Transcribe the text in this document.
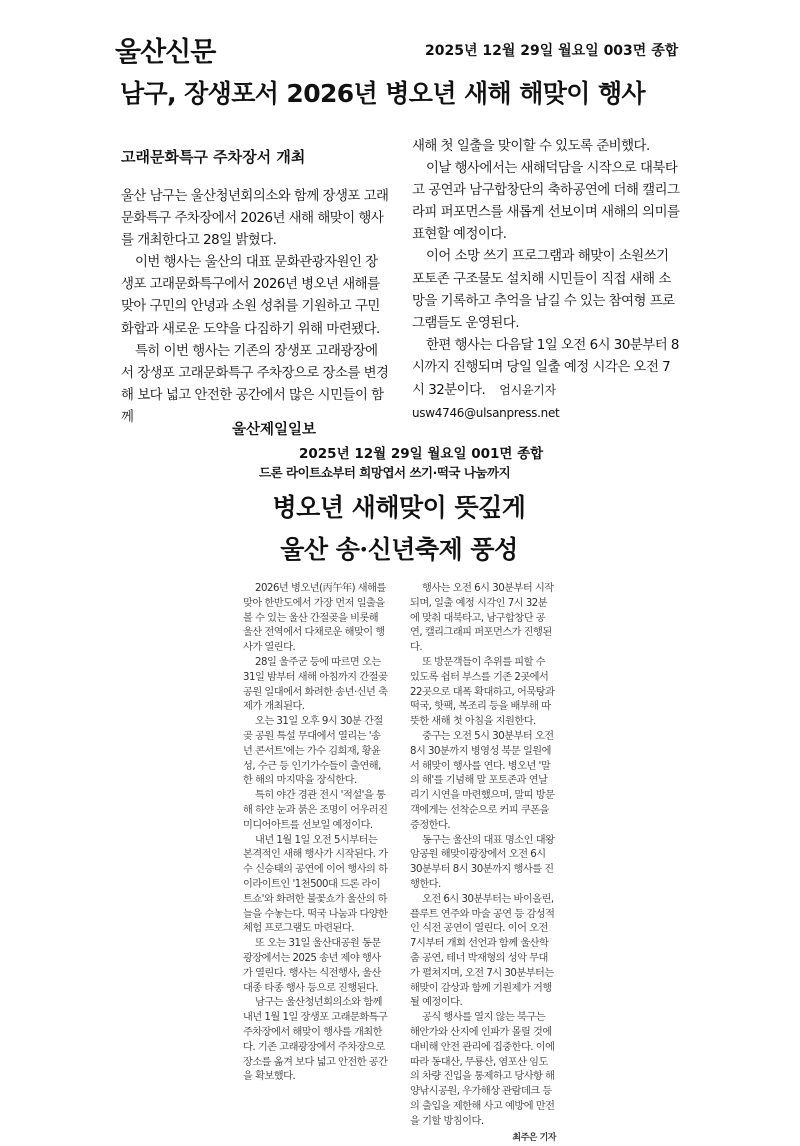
울산신문	2025년 12월 29일 월요일 003면 종합
남구, 장생포서 2026년 병오년 새해 해맞이 행사
고래문화특구 주차장서 개최

울산 남구는 울산청년회의소와 함께 장생포 고래문화특구 주차장에서 2026년 새해 해맞이 행사를 개최한다고 28일 밝혔다.

이번 행사는 울산의 대표 문화관광자원인 장생포 고래문화특구에서 2026년 병오년 새해를 맞아 구민의 안녕과 소원 성취를 기원하고 구민 화합과 새로운 도약을 다짐하기 위해 마련됐다.

특히 이번 행사는 기존의 장생포 고래광장에서 장생포 고래문화특구 주차장으로 장소를 변경해 보다 넓고 안전한 공간에서 많은 시민들이 함께

새해 첫 일출을 맞이할 수 있도록 준비했다.

이날 행사에서는 새해덕담을 시작으로 대북타고 공연과 남구합창단의 축하공연에 더해 캘리그라피 퍼포먼스를 새롭게 선보이며 새해의 의미를 표현할 예정이다.

이어 소망 쓰기 프로그램과 해맞이 소원쓰기 포토존 구조물도 설치해 시민들이 직접 새해 소망을 기록하고 추억을 남길 수 있는 참여형 프로그램들도 운영된다.

한편 행사는 다음달 1일 오전 6시 30분부터 8시까지 진행되며 당일 일출 예정 시각은 오전 7시 32분이다. 엄시윤기자 usw4746@ulsanpress.net

울산제일일보
2025년 12월 29일 월요일 001면 종합
드론 라이트쇼부터 희망엽서 쓰기·떡국 나눔까지
병오년 새해맞이 뜻깊게
울산 송·신년축제 풍성

2026년 병오년(丙午年) 새해를 맞아 한반도에서 가장 먼저 일출을 볼 수 있는 울산 간절곶을 비롯해 울산 전역에서 다채로운 해맞이 행사가 열린다.

28일 울주군 등에 따르면 오는 31일 밤부터 새해 아침까지 간절곶 공원 일대에서 화려한 송년·신년 축제가 개최된다.

오는 31일 오후 9시 30분 간절곶 공원 특설 무대에서 열리는 '송년 콘서트'에는 가수 김희재, 황윤성, 수근 등 인기가수들이 출연해, 한 해의 마지막을 장식한다.

특히 야간 경관 전시 '적설'을 통해 하얀 눈과 붉은 조명이 어우러진 미디어아트를 선보일 예정이다.

내년 1월 1일 오전 5시부터는 본격적인 새해 행사가 시작된다. 가수 신승태의 공연에 이어 행사의 하이라이트인 '1천500대 드론 라이트쇼'와 화려한 불꽃쇼가 울산의 하늘을 수놓는다. 떡국 나눔과 다양한 체험 프로그램도 마련된다.

또 오는 31일 울산대공원 동문광장에서는 2025 송년 제야 행사가 열린다. 행사는 식전행사, 울산대종 타종 행사 등으로 진행된다.

남구는 울산청년회의소와 함께 내년 1월 1일 장생포 고래문화특구 주차장에서 해맞이 행사를 개최한다. 기존 고래광장에서 주차장으로 장소를 옮겨 보다 넓고 안전한 공간을 확보했다.

행사는 오전 6시 30분부터 시작되며, 일출 예정 시각인 7시 32분에 맞춰 대북타고, 남구합창단 공연, 캘리그래피 퍼포먼스가 진행된다.

또 방문객들이 추위를 피할 수 있도록 쉼터 부스를 기존 2곳에서 22곳으로 대폭 확대하고, 어묵탕과 떡국, 핫팩, 복조리 등을 배부해 따뜻한 새해 첫 아침을 지원한다.

중구는 오전 5시 30분부터 오전 8시 30분까지 병영성 북문 일원에서 해맞이 행사를 연다. 병오년 '말의 해'를 기념해 말 포토존과 연날리기 시연을 마련했으며, 말띠 방문객에게는 선착순으로 커피 쿠폰을 증정한다.

동구는 울산의 대표 명소인 대왕암공원 해맞이광장에서 오전 6시 30분부터 8시 30분까지 행사를 진행한다.

오전 6시 30분부터는 바이올린, 플루트 연주와 마술 공연 등 감성적인 식전 공연이 열린다. 이어 오전 7시부터 개회 선언과 함께 울산학춤 공연, 테너 박재형의 성악 무대가 펼쳐지며, 오전 7시 30분부터는 해맞이 감상과 함께 기원제가 거행될 예정이다.

공식 행사를 열지 않는 북구는 해안가와 산지에 인파가 몰릴 것에 대비해 안전 관리에 집중한다. 이에 따라 동대산, 무룡산, 염포산 임도의 차량 진입을 통제하고 당사항 해양낚시공원, 우가해상 관람데크 등의 출입을 제한해 사고 예방에 만전을 기할 방침이다.

최주은 기자
